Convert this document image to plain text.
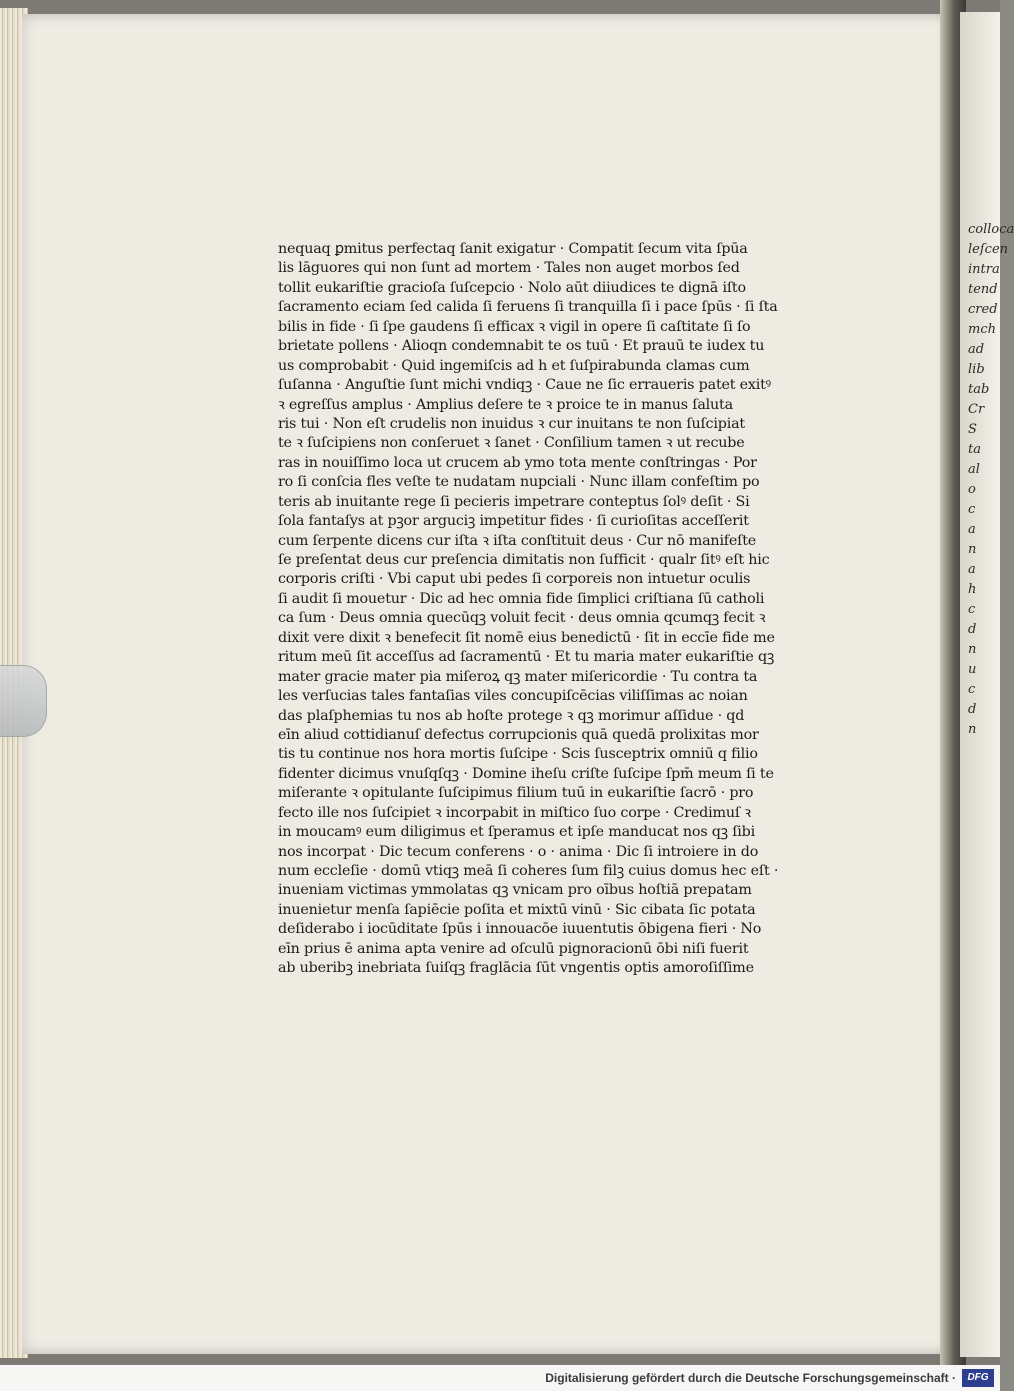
colloca
leſcen
intra
tend
cred
mch
ad
lib
tab
Cr
S
ta
al
o
c
a
n
a
h
c
d
n
u
c
d
n
nequaq ꝑmitus perfectaq ſanit exigatur · Compatit ſecum vita ſpūa
lis lāguores qui non ſunt ad mortem · Tales non auget morbos ſed
tollit eukariſtie gracioſa ſuſcepcio · Nolo aūt diiudices te dignā iſto
ſacramento eciam ſed calida ſi feruens ſi tranquilla ſi i pace ſpūs · ſi ſta
bilis in fide · ſi ſpe gaudens ſi efficax ꝛ vigil in opere ſi caſtitate ſi ſo
brietate pollens · Alioqn condemnabit te os tuū · Et prauū te iudex tu
us comprobabit · Quid ingemiſcis ad h et ſuſpirabunda clamas cum
ſuſanna · Anguſtie ſunt michi vndiqꝫ · Caue ne ſic erraueris patet exitꝰ
ꝛ egreſſus amplus · Amplius deſere te ꝛ proice te in manus ſaluta
ris tui · Non eſt crudelis non inuidus ꝛ cur inuitans te non ſuſcipiat
te ꝛ ſuſcipiens non conſeruet ꝛ ſanet · Conſilium tamen ꝛ ut recube
ras in nouiſſimo loca ut crucem ab ymo tota mente conſtringas · Por
ro ſi conſcia fles veſte te nudatam nupciali · Nunc illam confeſtim po
teris ab inuitante rege ſi pecieris impetrare conteptus ſolꝰ deſit · Si
ſola fantaſys at pꝫor arguciꝫ impetitur fides · ſi curioſitas acceſſerit
cum ſerpente dicens cur iſta ꝛ iſta conſtituit deus · Cur nō manifeſte
ſe preſentat deus cur preſencia dimitatis non ſufficit · qualr ſitꝰ eſt hic
corporis criſti · Vbi caput ubi pedes ſi corporeis non intuetur oculis
ſi audit ſi mouetur · Dic ad hec omnia fide ſimplici criſtiana ſū catholi
ca ſum · Deus omnia quecūqꝫ voluit fecit · deus omnia qcumqꝫ fecit ꝛ
dixit vere dixit ꝛ benefecit ſit nomē eius benedictū · ſit in eccīe fide me
ritum meū ſit acceſſus ad ſacramentū · Et tu maria mater eukariſtie qꝫ
mater gracie mater pia miſeroꝝ qꝫ mater miſericordie · Tu contra ta
les verſucias tales fantaſias viles concupiſcēcias viliſſimas ac noian
das plaſphemias tu nos ab hoſte protege ꝛ qꝫ morimur aſſidue · qd
eīn aliud cottidianuſ defectus corrupcionis quā quedā prolixitas mor
tis tu continue nos hora mortis ſuſcipe · Scis ſusceptrix omniū q filio
fidenter dicimus vnuſqſqꝫ · Domine iheſu criſte ſuſcipe ſpm̄ meum ſi te
miſerante ꝛ opitulante ſuſcipimus filium tuū in eukariſtie ſacrō · pro
fecto ille nos ſuſcipiet ꝛ incorpabit in miſtico ſuo corpe · Credimuſ ꝛ
in moucamꝰ eum diligimus et ſperamus et ipſe manducat nos qꝫ ſibi
nos incorpat · Dic tecum conferens · o · anima · Dic ſi introiere in do
num eccleſie · domū vtiqꝫ meā ſi coheres ſum filꝫ cuius domus hec eſt ·
inueniam victimas ymmolatas qꝫ vnicam pro oībus hoſtiā prepatam
inuenietur menſa ſapiēcie poſita et mixtū vinū · Sic cibata ſic potata
deſiderabo i iocūditate ſpūs i innouacōe iuuentutis ōbigena fieri · No
eīn prius ē anima apta venire ad oſculū pignoracionū ōbi niſi fuerit
ab uberibꝫ inebriata ſuiſqꝫ fraglācia ſūt vngentis optis amoroſiſſime
Digitalisierung gefördert durch die Deutsche Forschungsgemeinschaft ·	DFG
